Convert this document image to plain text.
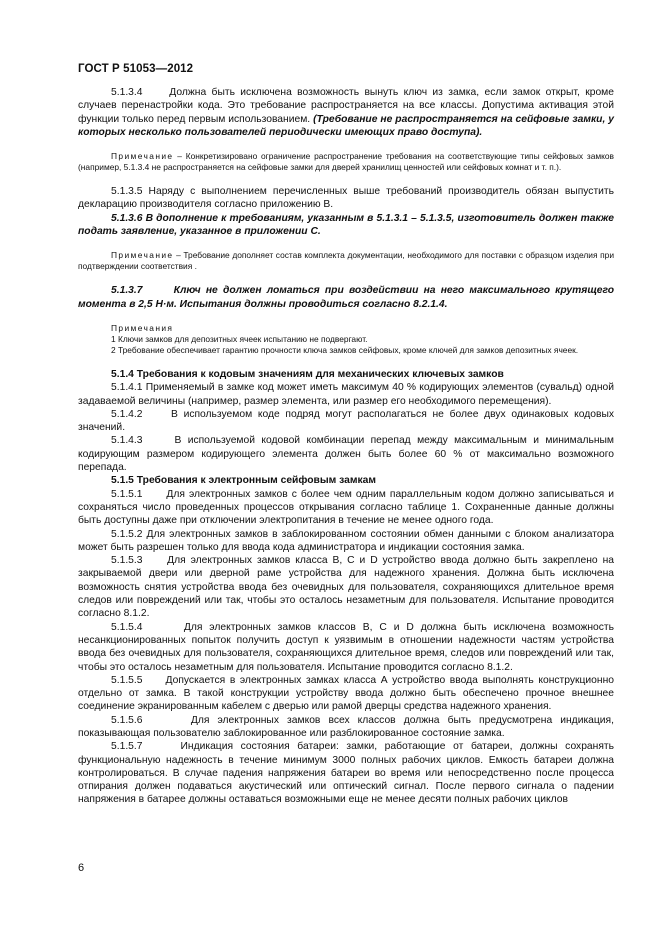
ГОСТ Р 51053—2012

5.1.3.4	Должна быть исключена возможность вынуть ключ из замка, если замок открыт, кроме случаев перенастройки кода. Это требование распространяется на все классы. Допустима активация этой функции только перед первым использованием. (Требование не распространяется на сейфовые замки, у которых несколько пользователей периодически имеющих право доступа).

Примечание – Конкретизировано ограничение распространение требования на соответствующие типы сейфовых замков (например, 5.1.3.4 не распространяется на сейфовые замки для дверей хранилищ ценностей или сейфовых комнат и т. п.).

5.1.3.5 Наряду с выполнением перечисленных выше требований производитель обязан выпустить декларацию производителя согласно приложению В.

5.1.3.6 В дополнение к требованиям, указанным в 5.1.3.1 – 5.1.3.5, изготовитель должен также подать заявление, указанное в приложении С.

Примечание – Требование дополняет состав комплекта документации, необходимого для поставки с образцом изделия при подтверждении соответствия .

5.1.3.7	Ключ не должен ломаться при воздействии на него максимального крутящего момента в 2,5 Н·м. Испытания должны проводиться согласно 8.2.1.4.

Примечания

1 Ключи замков для депозитных ячеек испытанию не подвергают.

2 Требование обеспечивает гарантию прочности ключа замков сейфовых, кроме ключей для замков депозитных ячеек.

5.1.4 Требования к кодовым значениям для механических ключевых замков

5.1.4.1 Применяемый в замке код может иметь максимум 40 % кодирующих элементов (сувальд) одной задаваемой величины (например, размер элемента, или размер его необходимого перемещения).

5.1.4.2	В используемом коде подряд могут располагаться не более двух одинаковых кодовых значений.

5.1.4.3	В используемой кодовой комбинации перепад между максимальным и минимальным кодирующим размером кодирующего элемента должен быть более 60 % от максимально возможного перепада.

5.1.5 Требования к электронным сейфовым замкам

5.1.5.1 Для электронных замков с более чем одним параллельным кодом должно записываться и сохраняться число проведенных процессов открывания согласно таблице 1. Сохраненные данные должны быть доступны даже при отключении электропитания в течение не менее одного года.

5.1.5.2 Для электронных замков в заблокированном состоянии обмен данными с блоком анализатора может быть разрешен только для ввода кода администратора и индикации состояния замка.

5.1.5.3 Для электронных замков класса В, С и D устройство ввода должно быть закреплено на закрываемой двери или дверной раме устройства для надежного хранения. Должна быть исключена возможность снятия устройства ввода без очевидных для пользователя, сохраняющихся длительное время следов или повреждений или так, чтобы это осталось незаметным для пользователя. Испытание проводится согласно 8.1.2.

5.1.5.4	Для электронных замков классов В, С и D должна быть исключена возможность несанкционированных попыток получить доступ к уязвимым в отношении надежности частям устройства ввода без очевидных для пользователя, сохраняющихся длительное время, следов или повреждений или так, чтобы это осталось незаметным для пользователя. Испытание проводится согласно 8.1.2.

5.1.5.5 Допускается в электронных замках класса А устройство ввода выполнять конструкционно отдельно от замка. В такой конструкции устройству ввода должно быть обеспечено прочное внешнее соединение экранированным кабелем с дверью или рамой дверцы средства надежного хранения.

5.1.5.6	Для электронных замков всех классов должна быть предусмотрена индикация, показывающая пользователю заблокированное или разблокированное состояние замка.

5.1.5.7	Индикация состояния батареи: замки, работающие от батареи, должны сохранять функциональную надежность в течение минимум 3000 полных рабочих циклов. Емкость батареи должна контролироваться. В случае падения напряжения батареи во время или непосредственно после процесса отпирания должен подаваться акустический или оптический сигнал. После первого сигнала о падении напряжения в батарее должны оставаться возможными еще не менее десяти полных рабочих циклов

6
